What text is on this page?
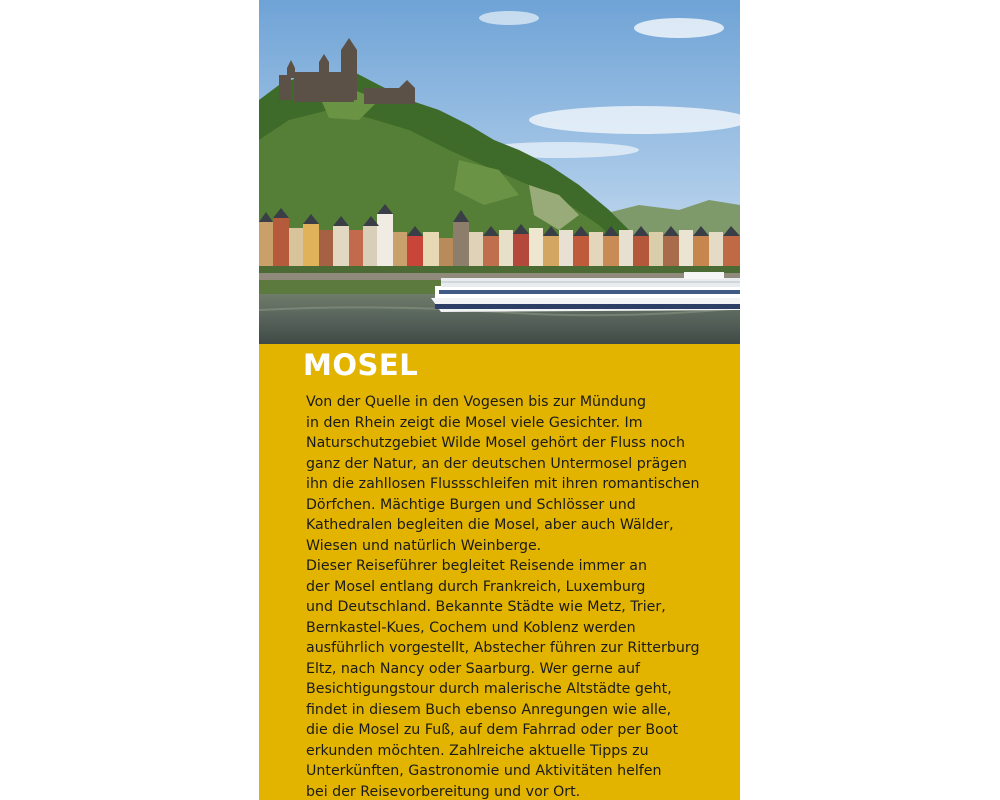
MOSEL
Von der Quelle in den Vogesen bis zur Mündung
in den Rhein zeigt die Mosel viele Gesichter. Im
Naturschutzgebiet Wilde Mosel gehört der Fluss noch
ganz der Natur, an der deutschen Untermosel prägen
ihn die zahllosen Flussschleifen mit ihren romantischen
Dörfchen. Mächtige Burgen und Schlösser und
Kathedralen begleiten die Mosel, aber auch Wälder,
Wiesen und natürlich Weinberge.
Dieser Reiseführer begleitet Reisende immer an
der Mosel entlang durch Frankreich, Luxemburg
und Deutschland. Bekannte Städte wie Metz, Trier,
Bernkastel-Kues, Cochem und Koblenz werden
ausführlich vorgestellt, Abstecher führen zur Ritterburg
Eltz, nach Nancy oder Saarburg. Wer gerne auf
Besichtigungstour durch malerische Altstädte geht,
findet in diesem Buch ebenso Anregungen wie alle,
die die Mosel zu Fuß, auf dem Fahrrad oder per Boot
erkunden möchten. Zahlreiche aktuelle Tipps zu
Unterkünften, Gastronomie und Aktivitäten helfen
bei der Reisevorbereitung und vor Ort.
